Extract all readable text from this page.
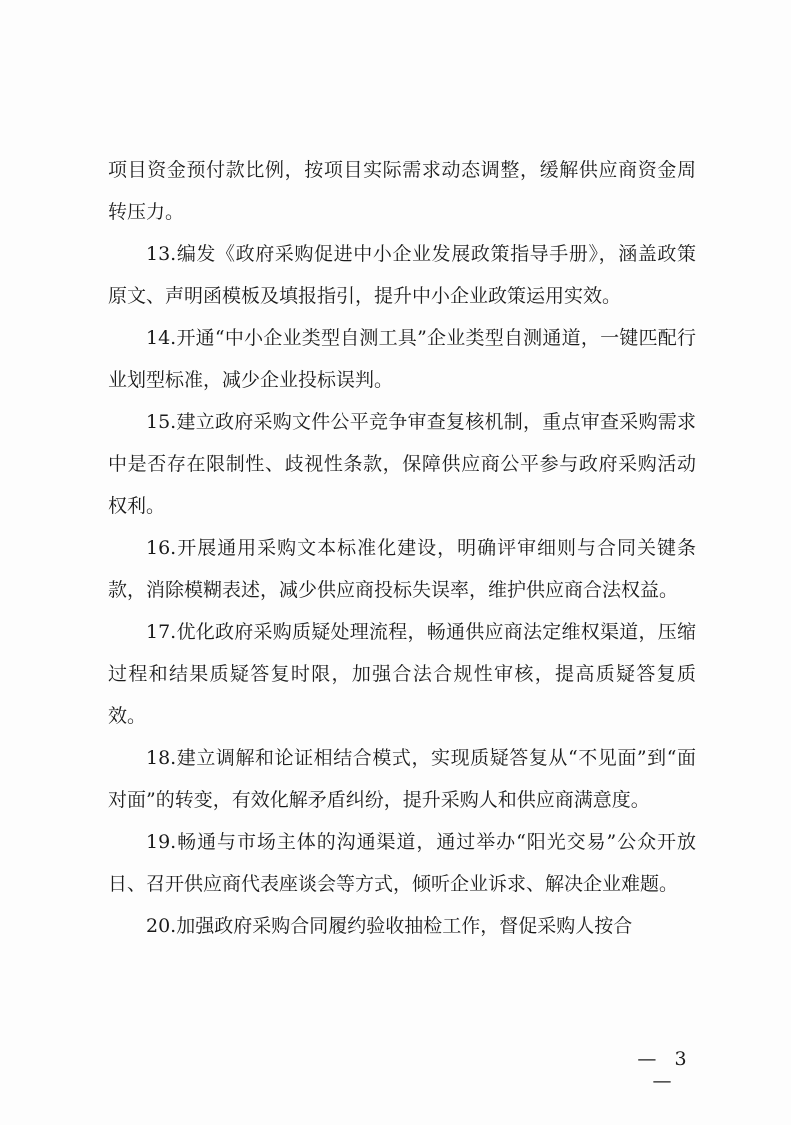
项目资金预付款比例，按项目实际需求动态调整，缓解供应商资金周转压力。

13.编发《政府采购促进中小企业发展政策指导手册》，涵盖政策原文、声明函模板及填报指引，提升中小企业政策运用实效。

14.开通“中小企业类型自测工具”企业类型自测通道，一键匹配行业划型标准，减少企业投标误判。

15.建立政府采购文件公平竞争审查复核机制，重点审查采购需求中是否存在限制性、歧视性条款，保障供应商公平参与政府采购活动权利。

16.开展通用采购文本标准化建设，明确评审细则与合同关键条款，消除模糊表述，减少供应商投标失误率，维护供应商合法权益。

17.优化政府采购质疑处理流程，畅通供应商法定维权渠道，压缩过程和结果质疑答复时限，加强合法合规性审核，提高质疑答复质效。

18.建立调解和论证相结合模式，实现质疑答复从“不见面”到“面对面”的转变，有效化解矛盾纠纷，提升采购人和供应商满意度。

19.畅通与市场主体的沟通渠道，通过举办“阳光交易”公众开放日、召开供应商代表座谈会等方式，倾听企业诉求、解决企业难题。

20.加强政府采购合同履约验收抽检工作，督促采购人按合

— 3 —
